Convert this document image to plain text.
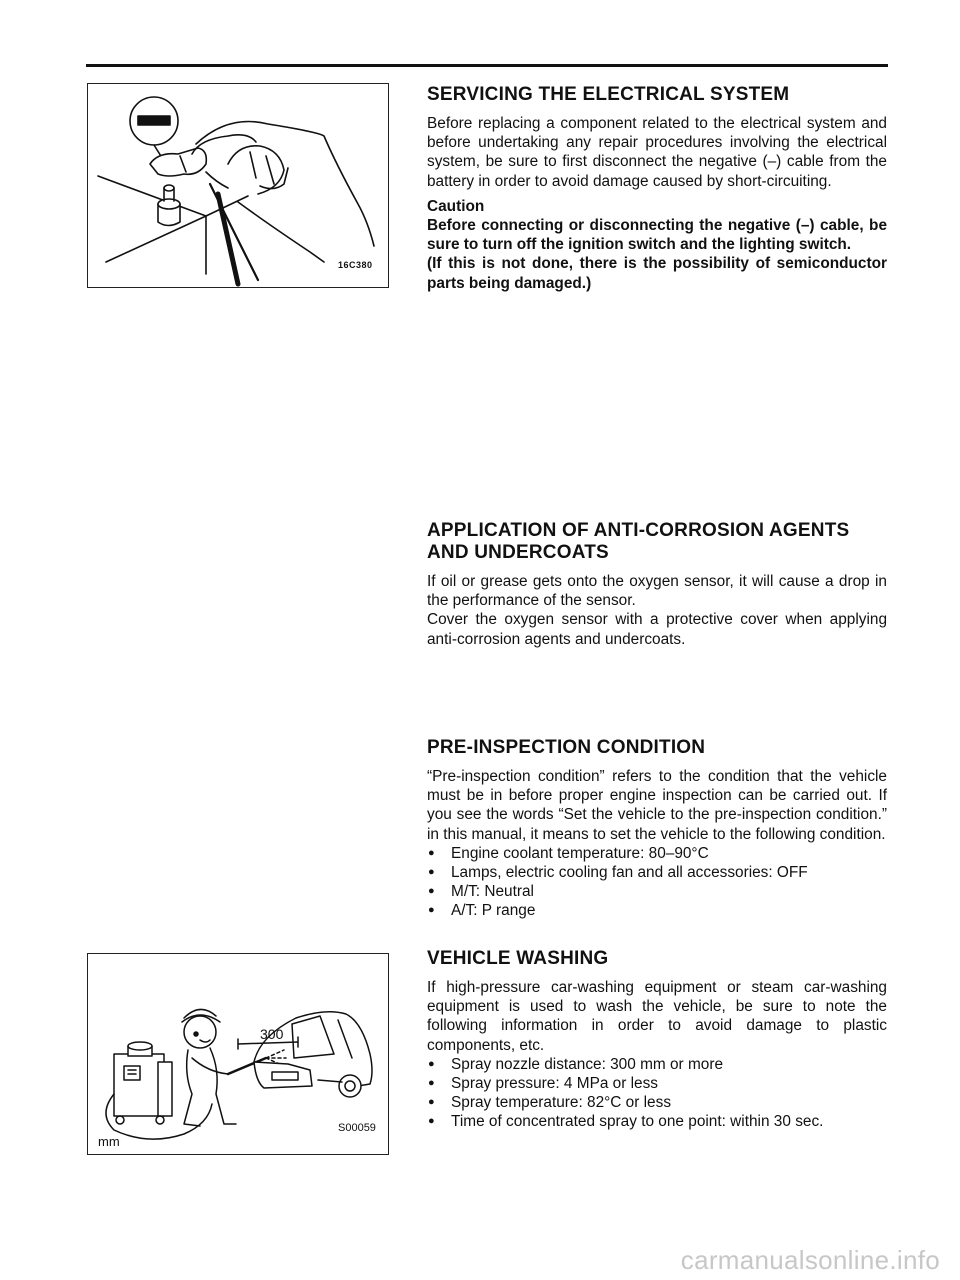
16C380
300
mm
S00059
SERVICING THE ELECTRICAL SYSTEM

Before replacing a component related to the electrical system and before undertaking any repair procedures involving the electrical system, be sure to first disconnect the negative (–) cable from the battery in order to avoid damage caused by short-circuiting.

Caution

Before connecting or disconnecting the negative (–) cable, be sure to turn off the ignition switch and the lighting switch.

(If this is not done, there is the possibility of semiconductor parts being damaged.)

APPLICATION OF ANTI-CORROSION AGENTS
AND UNDERCOATS

If oil or grease gets onto the oxygen sensor, it will cause a drop in the performance of the sensor.

Cover the oxygen sensor with a protective cover when applying anti-corrosion agents and undercoats.

PRE-INSPECTION CONDITION

“Pre-inspection condition” refers to the condition that the vehicle must be in before proper engine inspection can be carried out. If you see the words “Set the vehicle to the pre-inspection condition.” in this manual, it means to set the vehicle to the following condition.

● Engine coolant temperature: 80–90°C
● Lamps, electric cooling fan and all accessories: OFF
● M/T: Neutral
● A/T: P range
VEHICLE WASHING

If high-pressure car-washing equipment or steam car-washing equipment is used to wash the vehicle, be sure to note the following information in order to avoid damage to plastic components, etc.

● Spray nozzle distance: 300 mm or more
● Spray pressure: 4 MPa or less
● Spray temperature: 82°C or less
● Time of concentrated spray to one point: within 30 sec.
carmanualsonline.info
